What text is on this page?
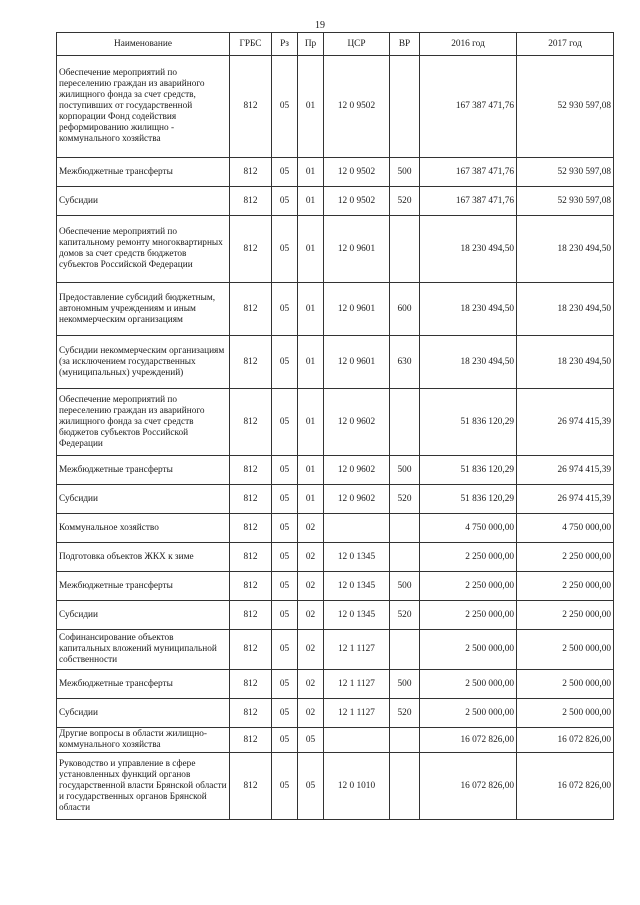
19
Наименование	ГРБС	Рз	Пр	ЦСР	ВР	2016 год	2017 год
Обеспечение мероприятий по переселению граждан из аварийного жилищного фонда за счет средств, поступивших от государственной корпорации Фонд содействия реформированию жилищно - коммунального хозяйства	812	05	01	12 0 9502		167 387 471,76	52 930 597,08
Межбюджетные трансферты	812	05	01	12 0 9502	500	167 387 471,76	52 930 597,08
Субсидии	812	05	01	12 0 9502	520	167 387 471,76	52 930 597,08
Обеспечение мероприятий по капитальному ремонту многоквартирных домов за счет средств бюджетов субъектов Российской Федерации	812	05	01	12 0 9601		18 230 494,50	18 230 494,50
Предоставление субсидий бюджетным, автономным учреждениям и иным некоммерческим организациям	812	05	01	12 0 9601	600	18 230 494,50	18 230 494,50
Субсидии некоммерческим организациям (за исключением государственных (муниципальных) учреждений)	812	05	01	12 0 9601	630	18 230 494,50	18 230 494,50
Обеспечение мероприятий по переселению граждан из аварийного жилищного фонда за счет средств бюджетов субъектов Российской Федерации	812	05	01	12 0 9602		51 836 120,29	26 974 415,39
Межбюджетные трансферты	812	05	01	12 0 9602	500	51 836 120,29	26 974 415,39
Субсидии	812	05	01	12 0 9602	520	51 836 120,29	26 974 415,39
Коммунальное хозяйство	812	05	02			4 750 000,00	4 750 000,00
Подготовка объектов ЖКХ к зиме	812	05	02	12 0 1345		2 250 000,00	2 250 000,00
Межбюджетные трансферты	812	05	02	12 0 1345	500	2 250 000,00	2 250 000,00
Субсидии	812	05	02	12 0 1345	520	2 250 000,00	2 250 000,00
Софинансирование объектов капитальных вложений муниципальной собственности	812	05	02	12 1 1127		2 500 000,00	2 500 000,00
Межбюджетные трансферты	812	05	02	12 1 1127	500	2 500 000,00	2 500 000,00
Субсидии	812	05	02	12 1 1127	520	2 500 000,00	2 500 000,00
Другие вопросы в области жилищно-коммунального хозяйства	812	05	05			16 072 826,00	16 072 826,00
Руководство и управление в сфере установленных функций органов государственной власти Брянской области и государственных органов Брянской области	812	05	05	12 0 1010		16 072 826,00	16 072 826,00
